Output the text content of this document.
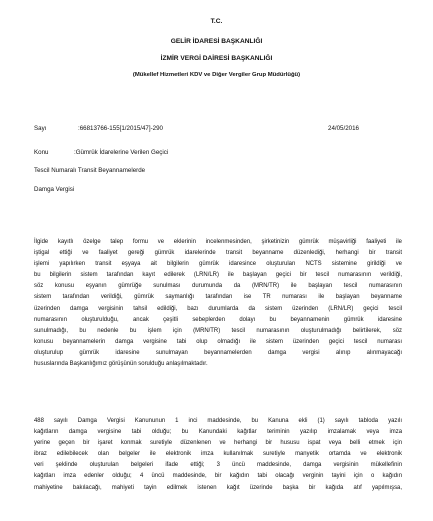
T.C.
GELİR İDARESİ BAŞKANLIĞI
İZMİR VERGİ DAİRESİ BAŞKANLIĞI
(Mükellef Hizmetleri KDV ve Diğer Vergiler Grup Müdürlüğü)
Sayı	:66813766-155[1/2015/47]-290	24/05/2016
Konu	:Gümrük İdarelerine Verilen Geçici
Tescil Numaralı Transit Beyannamelerde
Damga Vergisi
İlgide kayıtlı özelge talep formu ve eklerinin incelenmesinden, şirketinizin gümrük müşavirliği faaliyeti ile
iştigal ettiği ve faaliyet gereği gümrük idarelerinde transit beyanname düzenlediği, herhangi bir transit
işlemi yapılırken transit eşyaya ait bilgilerin gümrük idaresince oluşturulan NCTS sistemine girildiği ve
bu bilgilerin sistem tarafından kayıt edilerek (LRN/LR) ile başlayan geçici bir tescil numarasının verildiği,
söz konusu eşyanın gümrüğe sunulması durumunda da (MRN/TR) ile başlayan tescil numarasının
sistem tarafından verildiği, gümrük saymanlığı tarafından ise TR numarası ile başlayan beyanname
üzerinden damga vergisinin tahsil edildiği, bazı durumlarda da sistem üzerinden (LRN/LR) geçici tescil
numarasının oluşturulduğu, ancak çeşitli sebeplerden dolayı bu beyannamenin gümrük idaresine
sunulmadığı, bu nedenle bu işlem için (MRN/TR) tescil numarasının oluşturulmadığı belirtilerek, söz
konusu beyannamelerin damga vergisine tabi olup olmadığı ile sistem üzerinden geçici tescil numarası
oluşturulup gümrük idaresine sunulmayan beyannamelerden damga vergisi alınıp alınmayacağı
hususlarında Başkanlığımız görüşünün sorulduğu anlaşılmaktadır.
488 sayılı Damga Vergisi Kanununun 1 inci maddesinde, bu Kanuna ekli (1) sayılı tabloda yazılı
kağıtların damga vergisine tabi olduğu; bu Kanundaki kağıtlar teriminin yazılıp imzalamak veya imza
yerine geçen bir işaret konmak suretiyle düzenlenen ve herhangi bir hususu ispat veya belli etmek için
ibraz edilebilecek olan belgeler ile elektronik imza kullanılmak suretiyle manyetik ortamda ve elektronik
veri şeklinde oluşturulan belgeleri ifade ettiği; 3 üncü maddesinde, damga vergisinin mükellefinin
kağıtları imza edenler olduğu; 4 üncü maddesinde, bir kağıdın tabi olacağı verginin tayini için o kağıdın
mahiyetine bakılacağı, mahiyeti tayin edilmek istenen kağıt üzerinde başka bir kağıda atıf yapılmışsa,
